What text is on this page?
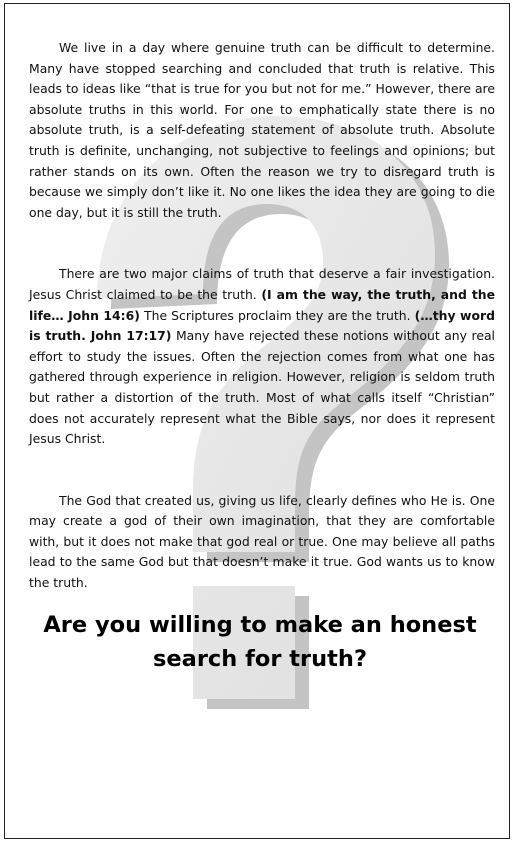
We live in a day where genuine truth can be difficult to determine. Many have stopped searching and concluded that truth is relative. This leads to ideas like “that is true for you but not for me.” However, there are absolute truths in this world. For one to emphatically state there is no absolute truth, is a self-defeating statement of absolute truth. Absolute truth is definite, unchanging, not subjective to feelings and opinions; but rather stands on its own. Often the reason we try to disregard truth is because we simply don’t like it. No one likes the idea they are going to die one day, but it is still the truth.

There are two major claims of truth that deserve a fair investigation. Jesus Christ claimed to be the truth. (I am the way, the truth, and the life… John 14:6) The Scriptures proclaim they are the truth. (…thy word is truth. John 17:17) Many have rejected these notions without any real effort to study the issues. Often the rejection comes from what one has gathered through experience in religion. However, religion is seldom truth but rather a distortion of the truth. Most of what calls itself “Christian” does not accurately represent what the Bible says, nor does it represent Jesus Christ.

The God that created us, giving us life, clearly defines who He is. One may create a god of their own imagination, that they are comfortable with, but it does not make that god real or true. One may believe all paths lead to the same God but that doesn’t make it true. God wants us to know the truth.

Are you willing to make an honest search for truth?
